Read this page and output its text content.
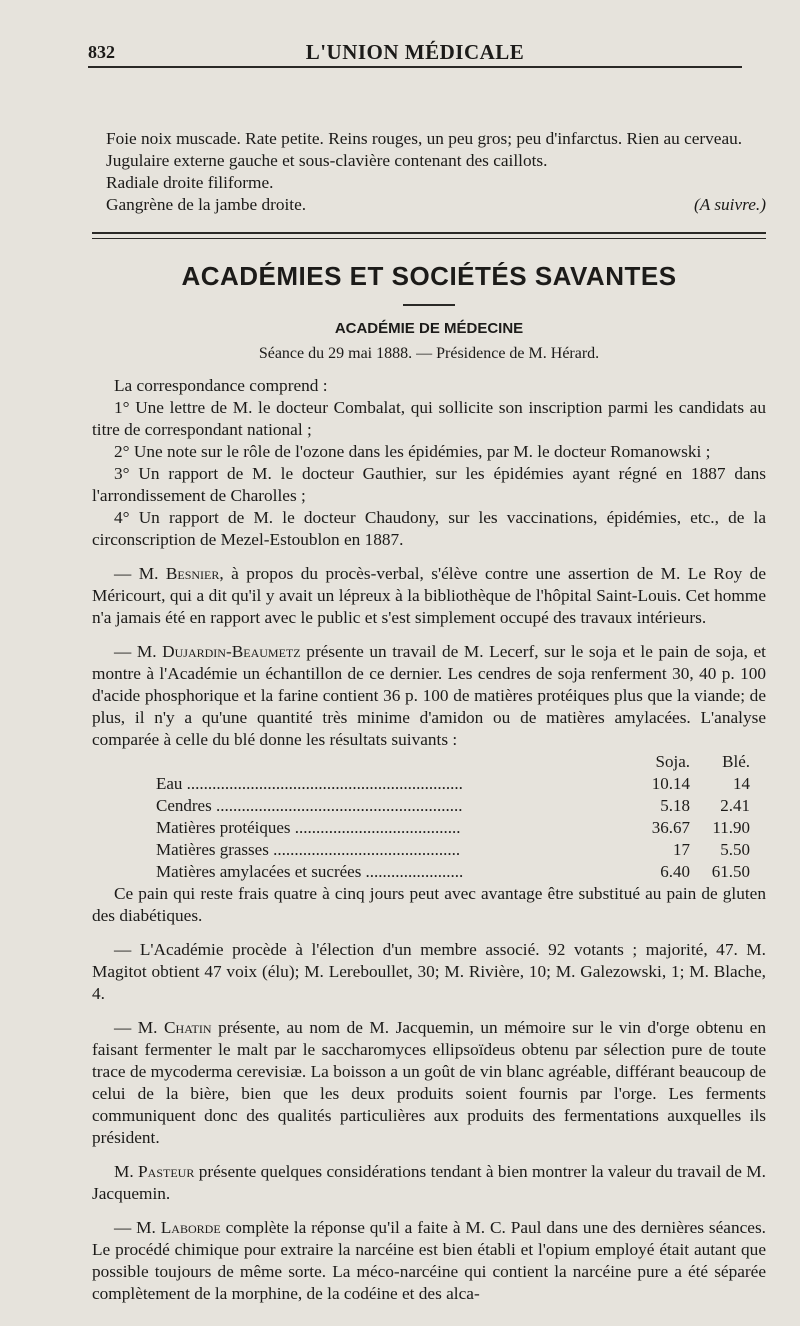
832	L'UNION MÉDICALE

Foie noix muscade. Rate petite. Reins rouges, un peu gros; peu d'infarctus. Rien au cerveau.

Jugulaire externe gauche et sous-clavière contenant des caillots.

Radiale droite filiforme.

Gangrène de la jambe droite.	(A suivre.)

ACADÉMIES ET SOCIÉTÉS SAVANTES
ACADÉMIE DE MÉDECINE
Séance du 29 mai 1888. — Présidence de M. Hérard.

La correspondance comprend :

1° Une lettre de M. le docteur Combalat, qui sollicite son inscription parmi les candidats au titre de correspondant national ;

2° Une note sur le rôle de l'ozone dans les épidémies, par M. le docteur Romanowski ;

3° Un rapport de M. le docteur Gauthier, sur les épidémies ayant régné en 1887 dans l'arrondissement de Charolles ;

4° Un rapport de M. le docteur Chaudony, sur les vaccinations, épidémies, etc., de la circonscription de Mezel-Estoublon en 1887.

— M. Besnier, à propos du procès-verbal, s'élève contre une assertion de M. Le Roy de Méricourt, qui a dit qu'il y avait un lépreux à la bibliothèque de l'hôpital Saint-Louis. Cet homme n'a jamais été en rapport avec le public et s'est simplement occupé des travaux intérieurs.

— M. Dujardin-Beaumetz présente un travail de M. Lecerf, sur le soja et le pain de soja, et montre à l'Académie un échantillon de ce dernier. Les cendres de soja renferment 30, 40 p. 100 d'acide phosphorique et la farine contient 36 p. 100 de matières protéiques plus que la viande; de plus, il n'y a qu'une quantité très minime d'amidon ou de matières amylacées. L'analyse comparée à celle du blé donne les résultats suivants :

	Soja.	Blé.
Eau .................................................................	10.14	14
Cendres ..........................................................	5.18	2.41
Matières protéiques .......................................	36.67	11.90
Matières grasses ............................................	17	5.50
Matières amylacées et sucrées .......................	6.40	61.50

Ce pain qui reste frais quatre à cinq jours peut avec avantage être substitué au pain de gluten des diabétiques.

— L'Académie procède à l'élection d'un membre associé. 92 votants ; majorité, 47. M. Magitot obtient 47 voix (élu); M. Lereboullet, 30; M. Rivière, 10; M. Galezowski, 1; M. Blache, 4.

— M. Chatin présente, au nom de M. Jacquemin, un mémoire sur le vin d'orge obtenu en faisant fermenter le malt par le saccharomyces ellipsoïdeus obtenu par sélection pure de toute trace de mycoderma cerevisiæ. La boisson a un goût de vin blanc agréable, différant beaucoup de celui de la bière, bien que les deux produits soient fournis par l'orge. Les ferments communiquent donc des qualités particulières aux produits des fermentations auxquelles ils président.

M. Pasteur présente quelques considérations tendant à bien montrer la valeur du travail de M. Jacquemin.

— M. Laborde complète la réponse qu'il a faite à M. C. Paul dans une des dernières séances. Le procédé chimique pour extraire la narcéine est bien établi et l'opium employé était autant que possible toujours de même sorte. La méco-narcéine qui contient la narcéine pure a été séparée complètement de la morphine, de la codéine et des alca-
